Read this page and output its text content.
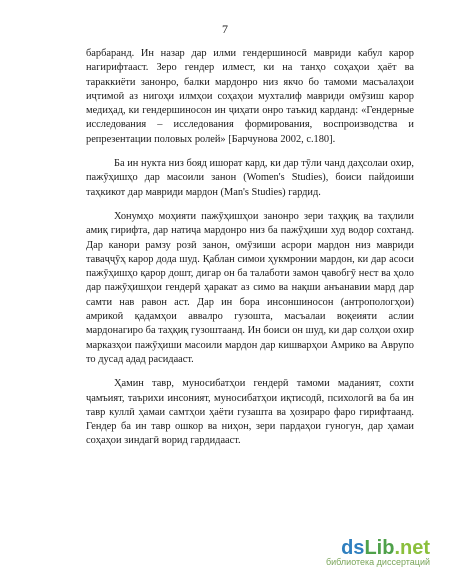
7

барбаранд. Ин назар дар илми гендершиносӣ мавриди кабул карор нагирифтааст. Зеро гендер илмест, ки на танҳо соҳаҳои ҳаёт ва тараккиёти занонро, балки мардонро низ якчо бо тамоми масъалаҳои иҷтимоӣ аз нигоҳи илмҳои соҳаҳои мухталиф мавриди омӯзиш карор медиҳад, ки гендершиносон ин ҷиҳати онро таъкид карданд: «Гендерные исследования – исследования формирования, воспроизводства и репрезентации половых ролей» [Барчунова 2002, с.180].

Ба ин нукта низ бояд ишорат кард, ки дар тӯли чанд даҳсолаи охир, пажӯҳишҳо дар масоили занон (Women's Studies), боиси пайдоиши таҳкикот дар мавриди мардон (Man's Studies) гардид.

Хонумҳо моҳияти пажӯҳишҳои занонро зери таҳқиқ ва таҳлили амиқ гирифта, дар натиҷа мардонро низ ба пажӯҳиши худ водор сохтанд. Дар канори рамзу розӣ занон, омӯзиши асрори мардон низ мавриди таваҷҷӯҳ карор дода шуд. Қаблан симои ҳукмронии мардон, ки дар асоси пажӯҳишҳо қарор дошт, дигар он ба талаботи замон ҷавобгӯ нест ва ҳоло дар пажӯҳишҳои гендерӣ ҳаракат аз симо ва нақши анъанавии мард дар самти нав равон аст. Дар ин бора инсоншиносон (антропологҳои) амрикоӣ қадамҳои аввалро гузошта, масъалаи воқеияти аслии мардонагиро ба таҳқиқ гузоштаанд. Ин боиси он шуд, ки дар солҳои охир марказҳои пажӯҳиши масоили мардон дар кишварҳои Амрико ва Аврупо то дусад адад расидааст.

Ҳамин тавр, муносибатҳои гендерӣ тамоми маданият, сохти ҷамъият, таърихи инсоният, муносибатҳои иқтисодӣ, психологӣ ва ба ин тавр куллӣ ҳамаи самтҳои ҳаёти гузашта ва ҳозираро фаро гирифтаанд. Гендер ба ин тавр ошкор ва ниҳон, зери пардаҳои гуногун, дар ҳамаи соҳаҳои зиндагӣ ворид гардидааст.

dsLib.net
библиотека диссертаций
